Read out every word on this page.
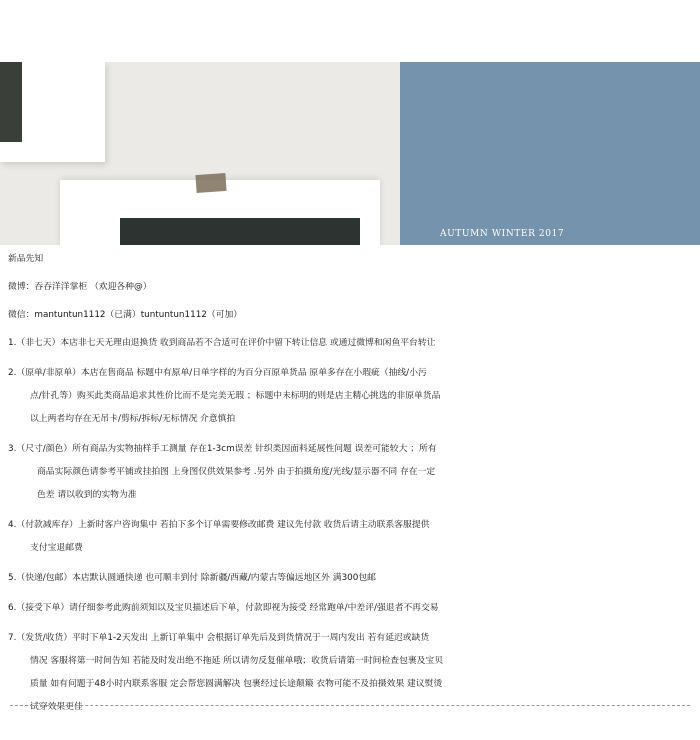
AUTUMN WINTER 2017

新品先知

微博：吞吞洋洋掌柜 （欢迎各种@）

微信：mantuntun1112（已满）tuntuntun1112（可加）

1.（非七天）本店非七天无理由退换货 收到商品若不合适可在评价中留下转让信息 或通过微博和闲鱼平台转让

2.（原单/非原单）本店在售商品 标题中有原单/日单字样的为百分百原单货品 原单多存在小瑕疵（抽线/小污

点/针孔等）购买此类商品追求其性价比而不是完美无瑕 ；标题中未标明的则是店主精心挑选的非原单货品

以上两者均存在无吊卡/剪标/拆标/无标情况 介意慎拍

3.（尺寸/颜色）所有商品为实物抽样手工测量 存在1-3cm误差 针织类因面料延展性问题 误差可能较大 ；所有

商品实际颜色请参考平铺或挂拍图 上身图仅供效果参考 .另外 由于拍摄角度/光线/显示器不同 存在一定

色差 请以收到的实物为准

4.（付款减库存）上新时客户咨询集中 若拍下多个订单需要修改邮费 建议先付款 收货后请主动联系客服提供

支付宝退邮费

5.（快递/包邮）本店默认圆通快递 也可顺丰到付 除新疆/西藏/内蒙古等偏远地区外 满300包邮

6.（接受下单）请仔细参考此购前须知以及宝贝描述后下单，付款即视为接受 经常跑单/中差评/强退者不再交易

7.（发货/收货）平时下单1-2天发出 上新订单集中 会根据订单先后及到货情况于一周内发出 若有延迟或缺货

情况 客服将第一时间告知 若能及时发出绝不拖延 所以请勿反复催单哦；收货后请第一时间检查包裹及宝贝

质量 如有问题于48小时内联系客服 定会帮您圆满解决 包裹经过长途颠簸 衣物可能不及拍摄效果 建议熨烫

试穿效果更佳
